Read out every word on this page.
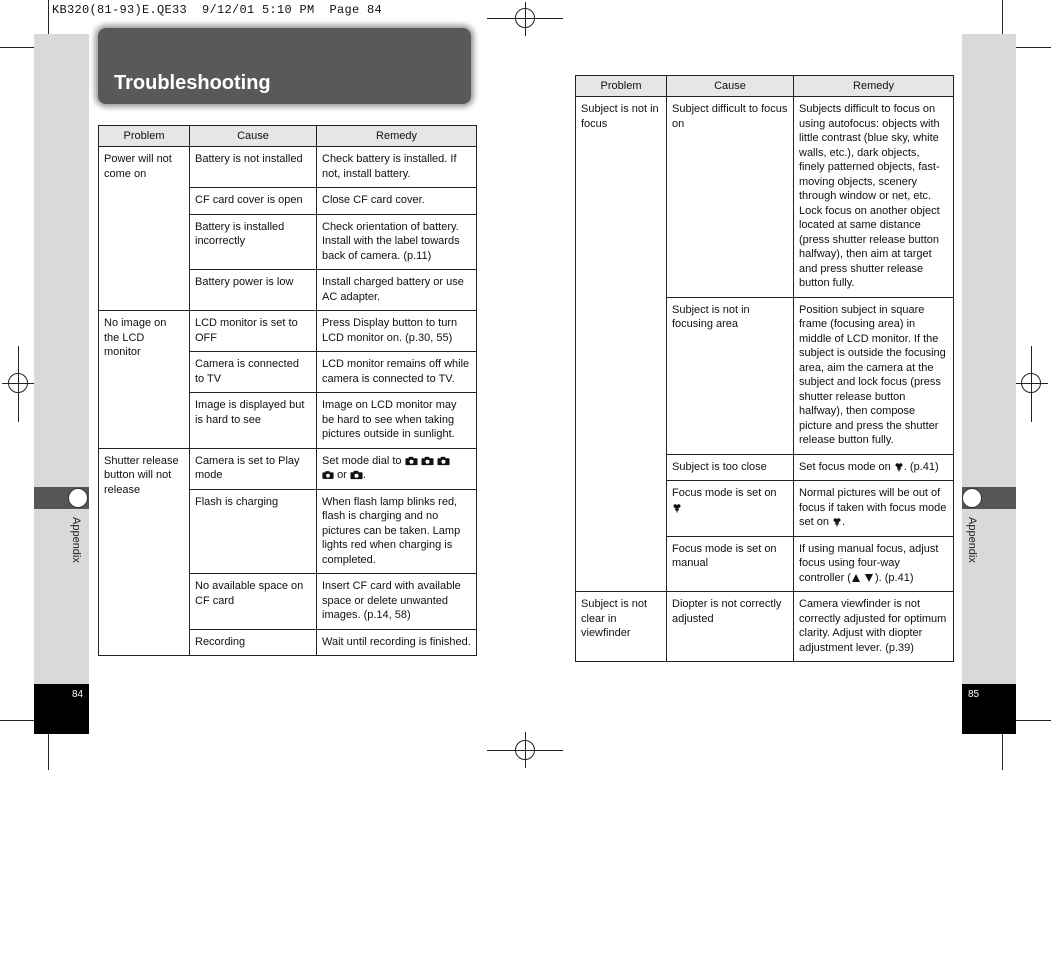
KB320(81-93)E.QE33  9/12/01 5:10 PM  Page 84
Appendix
84
Appendix
85
Troubleshooting
Problem	Cause	Remedy
Power will not come on	Battery is not installed	Check battery is installed. If not, install battery.
	CF card cover is open	Close CF card cover.
	Battery is installed incorrectly	Check orientation of battery. Install with the label towards back of camera. (p.11)
	Battery power is low	Install charged battery or use AC adapter.
No image on the LCD monitor	LCD monitor is set to OFF	Press Display button to turn LCD monitor on. (p.30, 55)
	Camera is connected to TV	LCD monitor remains off while camera is connected to TV.
	Image is displayed but is hard to see	Image on LCD monitor may be hard to see when taking pictures outside in sunlight.
Shutter release button will not release	Camera is set to Play mode	Set mode dial to
or .
	Flash is charging	When flash lamp blinks red, flash is charging and no pictures can be taken. Lamp lights red when charging is completed.
	No available space on CF card	Insert CF card with available space or delete unwanted images. (p.14, 58)
	Recording	Wait until recording is finished.
Problem	Cause	Remedy
Subject is not in focus	Subject difficult to focus on	Subjects difficult to focus on using autofocus: objects with little contrast (blue sky, white walls, etc.), dark objects, finely patterned objects, fast-moving objects, scenery through window or net, etc. Lock focus on another object located at same distance (press shutter release button halfway), then aim at target and press shutter release button fully.
	Subject is not in focusing area	Position subject in square frame (focusing area) in middle of LCD monitor. If the subject is outside the focusing area, aim the camera at the subject and lock focus (press shutter release button halfway), then compose picture and press the shutter release button fully.
	Subject is too close	Set focus mode on . (p.41)
	Focus mode is set on	Normal pictures will be out of focus if taken with focus mode set on .
	Focus mode is set on manual	If using manual focus, adjust focus using four-way controller ( ). (p.41)
Subject is not clear in viewfinder	Diopter is not correctly adjusted	Camera viewfinder is not correctly adjusted for optimum clarity. Adjust with diopter adjustment lever. (p.39)
